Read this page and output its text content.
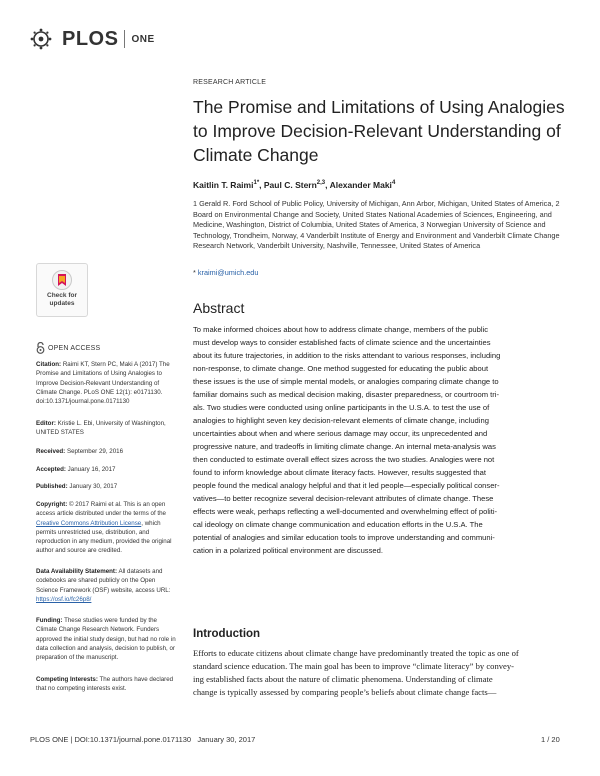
PLOS ONE
RESEARCH ARTICLE
The Promise and Limitations of Using Analogies to Improve Decision-Relevant Understanding of Climate Change
Kaitlin T. Raimi$^{1*}$, Paul C. Stern$^{2,3}$, Alexander Maki$^4$
1 Gerald R. Ford School of Public Policy, University of Michigan, Ann Arbor, Michigan, United States of America, 2 Board on Environmental Change and Society, United States National Academies of Sciences, Engineering, and Medicine, Washington, District of Columbia, United States of America, 3 Norwegian University of Science and Technology, Trondheim, Norway, 4 Vanderbilt Institute of Energy and Environment and Vanderbilt Climate Change Research Network, Vanderbilt University, Nashville, Tennessee, United States of America
* kraimi@umich.edu
Check for
updates	Abstract
To make informed choices about how to address climate change, members of the public
must develop ways to consider established facts of climate science and the uncertainties
about its future trajectories, in addition to the risks attendant to various responses, including
non-response, to climate change. One method suggested for educating the public about
these issues is the use of simple mental models, or analogies comparing climate change to
familiar domains such as medical decision making, disaster preparedness, or courtroom tri-
als. Two studies were conducted using online participants in the U.S.A. to test the use of
analogies to highlight seven key decision-relevant elements of climate change, including
uncertainties about when and where serious damage may occur, its unprecedented and
progressive nature, and tradeoffs in limiting climate change. An internal meta-analysis was
then conducted to estimate overall effect sizes across the two studies. Analogies were not
found to inform knowledge about climate literacy facts. However, results suggested that
people found the medical analogy helpful and that it led people—especially political conser-
vatives—to better recognize several decision-relevant attributes of climate change. These
effects were weak, perhaps reflecting a well-documented and overwhelming effect of politi-
cal ideology on climate change communication and education efforts in the U.S.A. The
potential of analogies and similar education tools to improve understanding and communi-
cation in a polarized political environment are discussed.
Introduction
Efforts to educate citizens about climate change have predominantly treated the topic as one of
standard science education. The main goal has been to improve “climate literacy” by convey-
ing established facts about the nature of climatic phenomena. Understanding of climate
change is typically assessed by comparing people’s beliefs about climate change facts—
OPEN ACCESS
Citation: Raimi KT, Stern PC, Maki A (2017) The Promise and Limitations of Using Analogies to Improve Decision-Relevant Understanding of Climate Change. PLoS ONE 12(1): e0171130. doi:10.1371/journal.pone.0171130
Editor: Kristie L. Ebi, University of Washington, UNITED STATES
Received: September 29, 2016
Accepted: January 16, 2017
Published: January 30, 2017
Copyright: © 2017 Raimi et al. This is an open access article distributed under the terms of the Creative Commons Attribution License, which permits unrestricted use, distribution, and reproduction in any medium, provided the original author and source are credited.
Data Availability Statement: All datasets and codebooks are shared publicly on the Open Science Framework (OSF) website, access URL: https://osf.io/fc26p8/
Funding: These studies were funded by the Climate Change Research Network. Funders approved the initial study design, but had no role in data collection and analysis, decision to publish, or preparation of the manuscript.
Competing Interests: The authors have declared that no competing interests exist.
PLOS ONE | DOI:10.1371/journal.pone.0171130   January 30, 2017	1 / 20
